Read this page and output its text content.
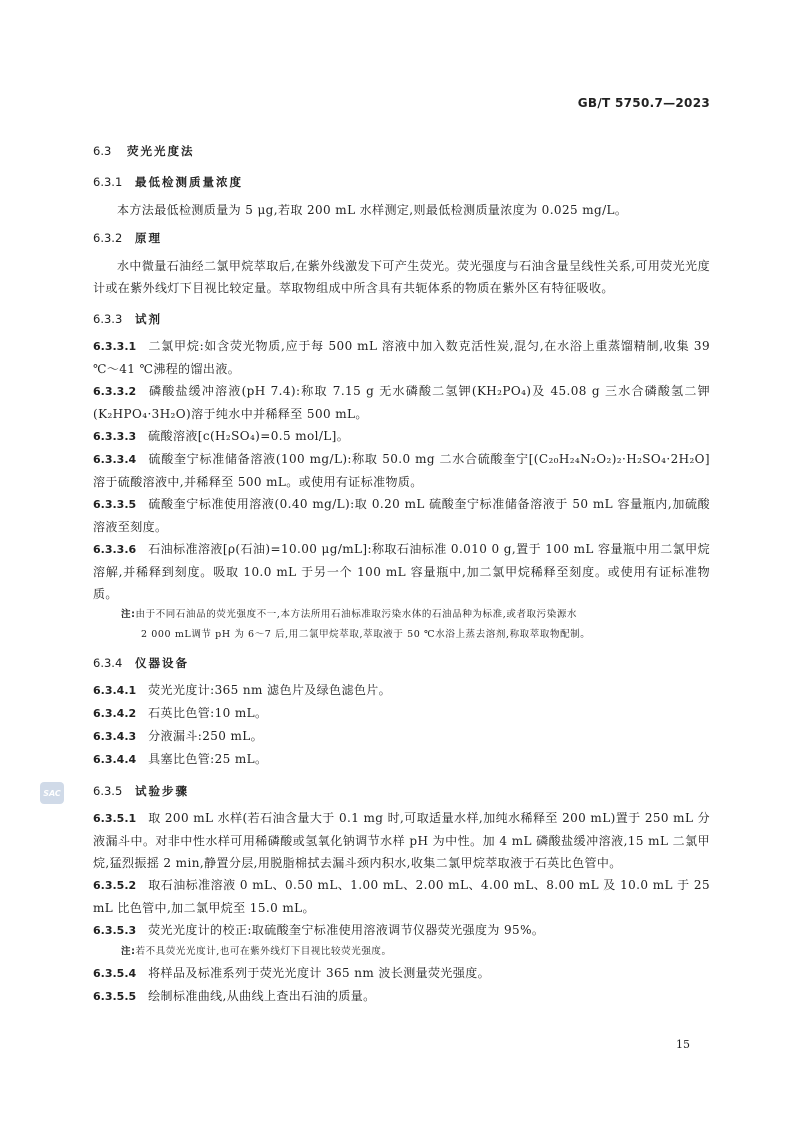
GB/T 5750.7—2023
6.3	荧光光度法
6.3.1	最低检测质量浓度
本方法最低检测质量为 5 μg,若取 200 mL 水样测定,则最低检测质量浓度为 0.025 mg/L。
6.3.2	原理
水中微量石油经二氯甲烷萃取后,在紫外线激发下可产生荧光。荧光强度与石油含量呈线性关系,可用荧光光度计或在紫外线灯下目视比较定量。萃取物组成中所含具有共轭体系的物质在紫外区有特征吸收。
6.3.3	试剂
6.3.3.1 二氯甲烷:如含荧光物质,应于每 500 mL 溶液中加入数克活性炭,混匀,在水浴上重蒸馏精制,收集 39 ℃～41 ℃沸程的馏出液。
6.3.3.2 磷酸盐缓冲溶液(pH 7.4):称取 7.15 g 无水磷酸二氢钾(KH₂PO₄)及 45.08 g 三水合磷酸氢二钾(K₂HPO₄·3H₂O)溶于纯水中并稀释至 500 mL。
6.3.3.3 硫酸溶液[c(H₂SO₄)=0.5 mol/L]。
6.3.3.4 硫酸奎宁标准储备溶液(100 mg/L):称取 50.0 mg 二水合硫酸奎宁[(C₂₀H₂₄N₂O₂)₂·H₂SO₄·2H₂O]溶于硫酸溶液中,并稀释至 500 mL。或使用有证标准物质。
6.3.3.5 硫酸奎宁标准使用溶液(0.40 mg/L):取 0.20 mL 硫酸奎宁标准储备溶液于 50 mL 容量瓶内,加硫酸溶液至刻度。
6.3.3.6 石油标准溶液[ρ(石油)=10.00 μg/mL]:称取石油标准 0.010 0 g,置于 100 mL 容量瓶中用二氯甲烷溶解,并稀释到刻度。吸取 10.0 mL 于另一个 100 mL 容量瓶中,加二氯甲烷稀释至刻度。或使用有证标准物质。
注:由于不同石油品的荧光强度不一,本方法所用石油标准取污染水体的石油品种为标准,或者取污染源水
2 000 mL调节 pH 为 6～7 后,用二氯甲烷萃取,萃取液于 50 ℃水浴上蒸去溶剂,称取萃取物配制。
6.3.4	仪器设备
6.3.4.1 荧光光度计:365 nm 滤色片及绿色滤色片。
6.3.4.2 石英比色管:10 mL。
6.3.4.3 分液漏斗:250 mL。
6.3.4.4 具塞比色管:25 mL。
6.3.5	试验步骤
6.3.5.1 取 200 mL 水样(若石油含量大于 0.1 mg 时,可取适量水样,加纯水稀释至 200 mL)置于 250 mL 分液漏斗中。对非中性水样可用稀磷酸或氢氧化钠调节水样 pH 为中性。加 4 mL 磷酸盐缓冲溶液,15 mL 二氯甲烷,猛烈振摇 2 min,静置分层,用脱脂棉拭去漏斗颈内积水,收集二氯甲烷萃取液于石英比色管中。
6.3.5.2 取石油标准溶液 0 mL、0.50 mL、1.00 mL、2.00 mL、4.00 mL、8.00 mL 及 10.0 mL 于 25 mL 比色管中,加二氯甲烷至 15.0 mL。
6.3.5.3 荧光光度计的校正:取硫酸奎宁标准使用溶液调节仪器荧光强度为 95%。
注:若不具荧光光度计,也可在紫外线灯下目视比较荧光强度。
6.3.5.4 将样品及标准系列于荧光光度计 365 nm 波长测量荧光强度。
6.3.5.5 绘制标准曲线,从曲线上查出石油的质量。
SAC
15
